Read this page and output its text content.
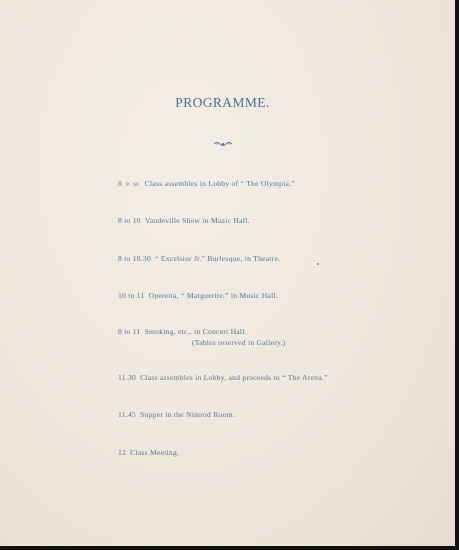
PROGRAMME.
8 P. M. Class assembles in Lobby of “ The Olympia.”
8 to 10 Vaudeville Show in Music Hall.
8 to 10.30 “ Excelsior Jr.” Burlesque, in Theatre.
10 to 11 Operetta, “ Marguerite.” in Music Hall.
8 to 11 Smoking, etc., in Concert Hall.
(Tables reserved in Gallery.)
11.30 Class assembles in Lobby, and proceeds to “ The Arena.”
11.45 Supper in the Nimrod Room.
12 Class Meeting.
